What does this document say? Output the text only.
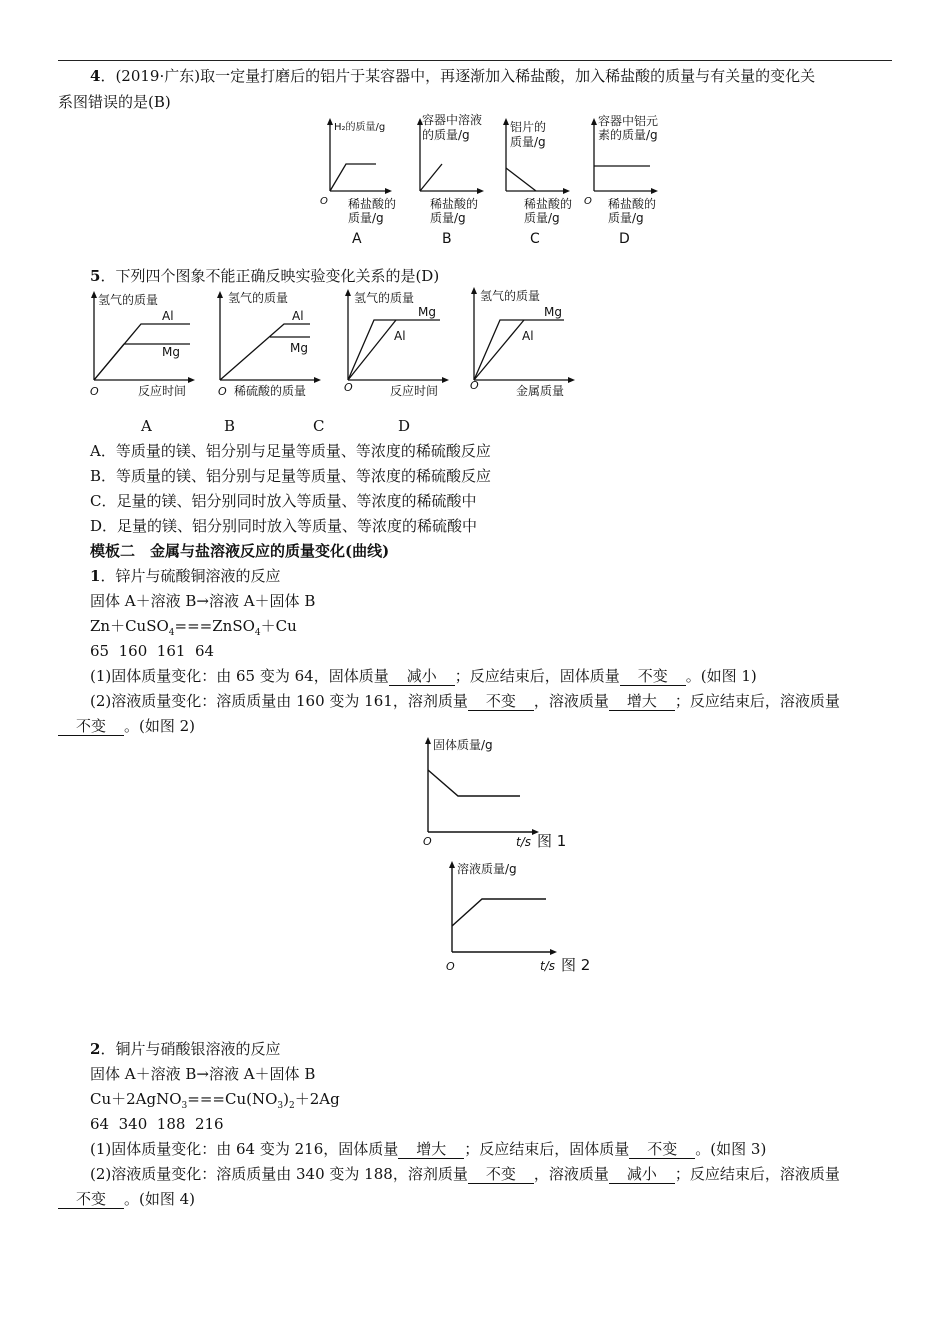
4．(2019·广东)取一定量打磨后的铝片于某容器中，再逐渐加入稀盐酸，加入稀盐酸的质量与有关量的变化关
系图错误的是(B)
H₂的质量/g
O 稀盐酸的
质量/g
A
容器中溶液
的质量/g
稀盐酸的
质量/g
B
铝片的
质量/g
稀盐酸的
质量/g
C
容器中铝元
素的质量/g
O 稀盐酸的
质量/g
D
5．下列四个图象不能正确反映实验变化关系的是(D)
氢气的质量
Al
Mg
O	反应时间
氢气的质量
Al
Mg
O 稀硫酸的质量
氢气的质量
Mg
Al
O	反应时间
氢气的质量
Mg
Al
O	金属质量
A	B	C	D
A．等质量的镁、铝分别与足量等质量、等浓度的稀硫酸反应
B．等质量的镁、铝分别与足量等质量、等浓度的稀硫酸反应
C．足量的镁、铝分别同时放入等质量、等浓度的稀硫酸中
D．足量的镁、铝分别同时放入等质量、等浓度的稀硫酸中
模板二　金属与盐溶液反应的质量变化(曲线)
1．锌片与硫酸铜溶液的反应
固体 A＋溶液 B→溶液 A＋固体 B
Zn＋CuSO$_4$===ZnSO$_4$＋Cu
65  160  161  64
(1)固体质量变化：由 65 变为 64，固体质量 减小 ；反应结束后，固体质量 不变 。(如图 1)
(2)溶液质量变化：溶质质量由 160 变为 161，溶剂质量 不变 ，溶液质量 增大 ；反应结束后，溶液质量
不变 。(如图 2)
固体质量/g
O	t/s 图 1
溶液质量/g
O	t/s 图 2
2．铜片与硝酸银溶液的反应
固体 A＋溶液 B→溶液 A＋固体 B
$Cu+2AgNO_3===Cu(NO_3)_2+2Ag$
64  340  188  216
(1)固体质量变化：由 64 变为 216，固体质量 增大 ；反应结束后，固体质量 不变 。(如图 3)
(2)溶液质量变化：溶质质量由 340 变为 188，溶剂质量 不变 ，溶液质量 减小 ；反应结束后，溶液质量
不变 。(如图 4)
